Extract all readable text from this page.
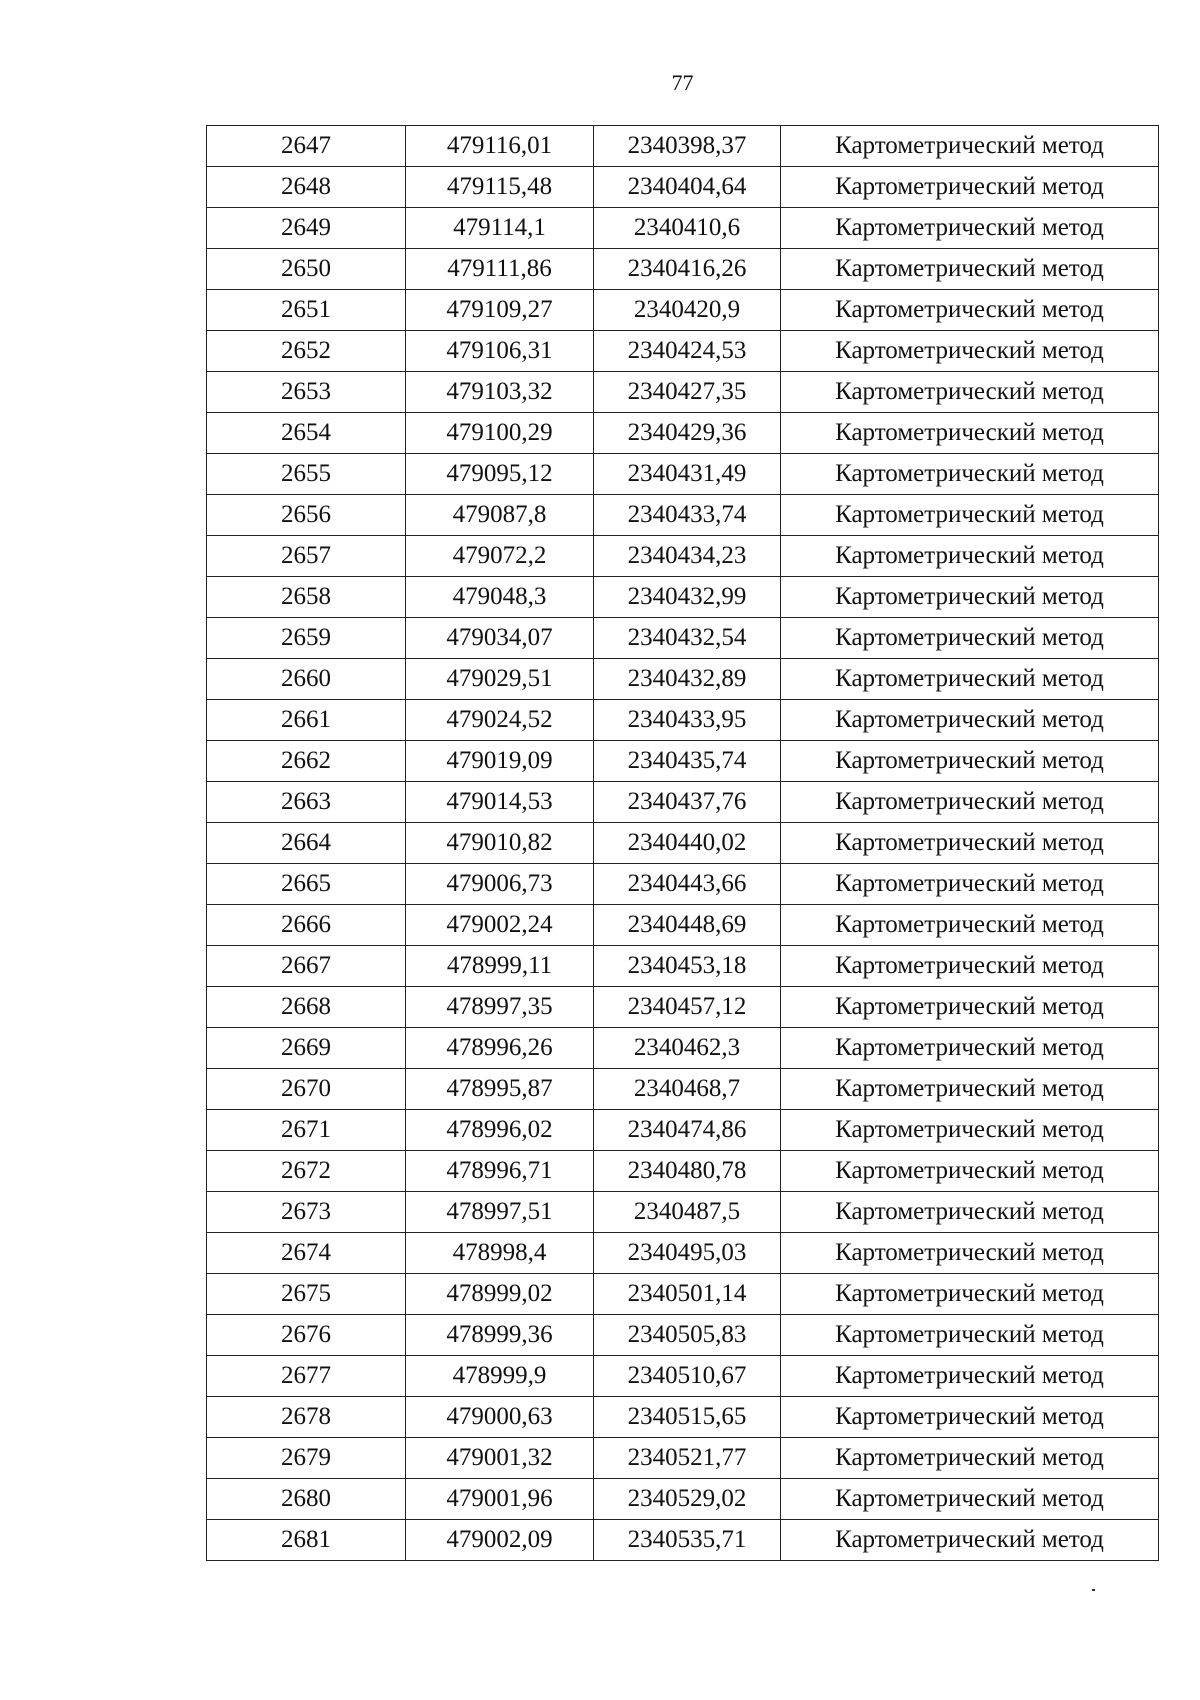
77
2647	479116,01	2340398,37	Картометрический метод
2648	479115,48	2340404,64	Картометрический метод
2649	479114,1	2340410,6	Картометрический метод
2650	479111,86	2340416,26	Картометрический метод
2651	479109,27	2340420,9	Картометрический метод
2652	479106,31	2340424,53	Картометрический метод
2653	479103,32	2340427,35	Картометрический метод
2654	479100,29	2340429,36	Картометрический метод
2655	479095,12	2340431,49	Картометрический метод
2656	479087,8	2340433,74	Картометрический метод
2657	479072,2	2340434,23	Картометрический метод
2658	479048,3	2340432,99	Картометрический метод
2659	479034,07	2340432,54	Картометрический метод
2660	479029,51	2340432,89	Картометрический метод
2661	479024,52	2340433,95	Картометрический метод
2662	479019,09	2340435,74	Картометрический метод
2663	479014,53	2340437,76	Картометрический метод
2664	479010,82	2340440,02	Картометрический метод
2665	479006,73	2340443,66	Картометрический метод
2666	479002,24	2340448,69	Картометрический метод
2667	478999,11	2340453,18	Картометрический метод
2668	478997,35	2340457,12	Картометрический метод
2669	478996,26	2340462,3	Картометрический метод
2670	478995,87	2340468,7	Картометрический метод
2671	478996,02	2340474,86	Картометрический метод
2672	478996,71	2340480,78	Картометрический метод
2673	478997,51	2340487,5	Картометрический метод
2674	478998,4	2340495,03	Картометрический метод
2675	478999,02	2340501,14	Картометрический метод
2676	478999,36	2340505,83	Картометрический метод
2677	478999,9	2340510,67	Картометрический метод
2678	479000,63	2340515,65	Картометрический метод
2679	479001,32	2340521,77	Картометрический метод
2680	479001,96	2340529,02	Картометрический метод
2681	479002,09	2340535,71	Картометрический метод
